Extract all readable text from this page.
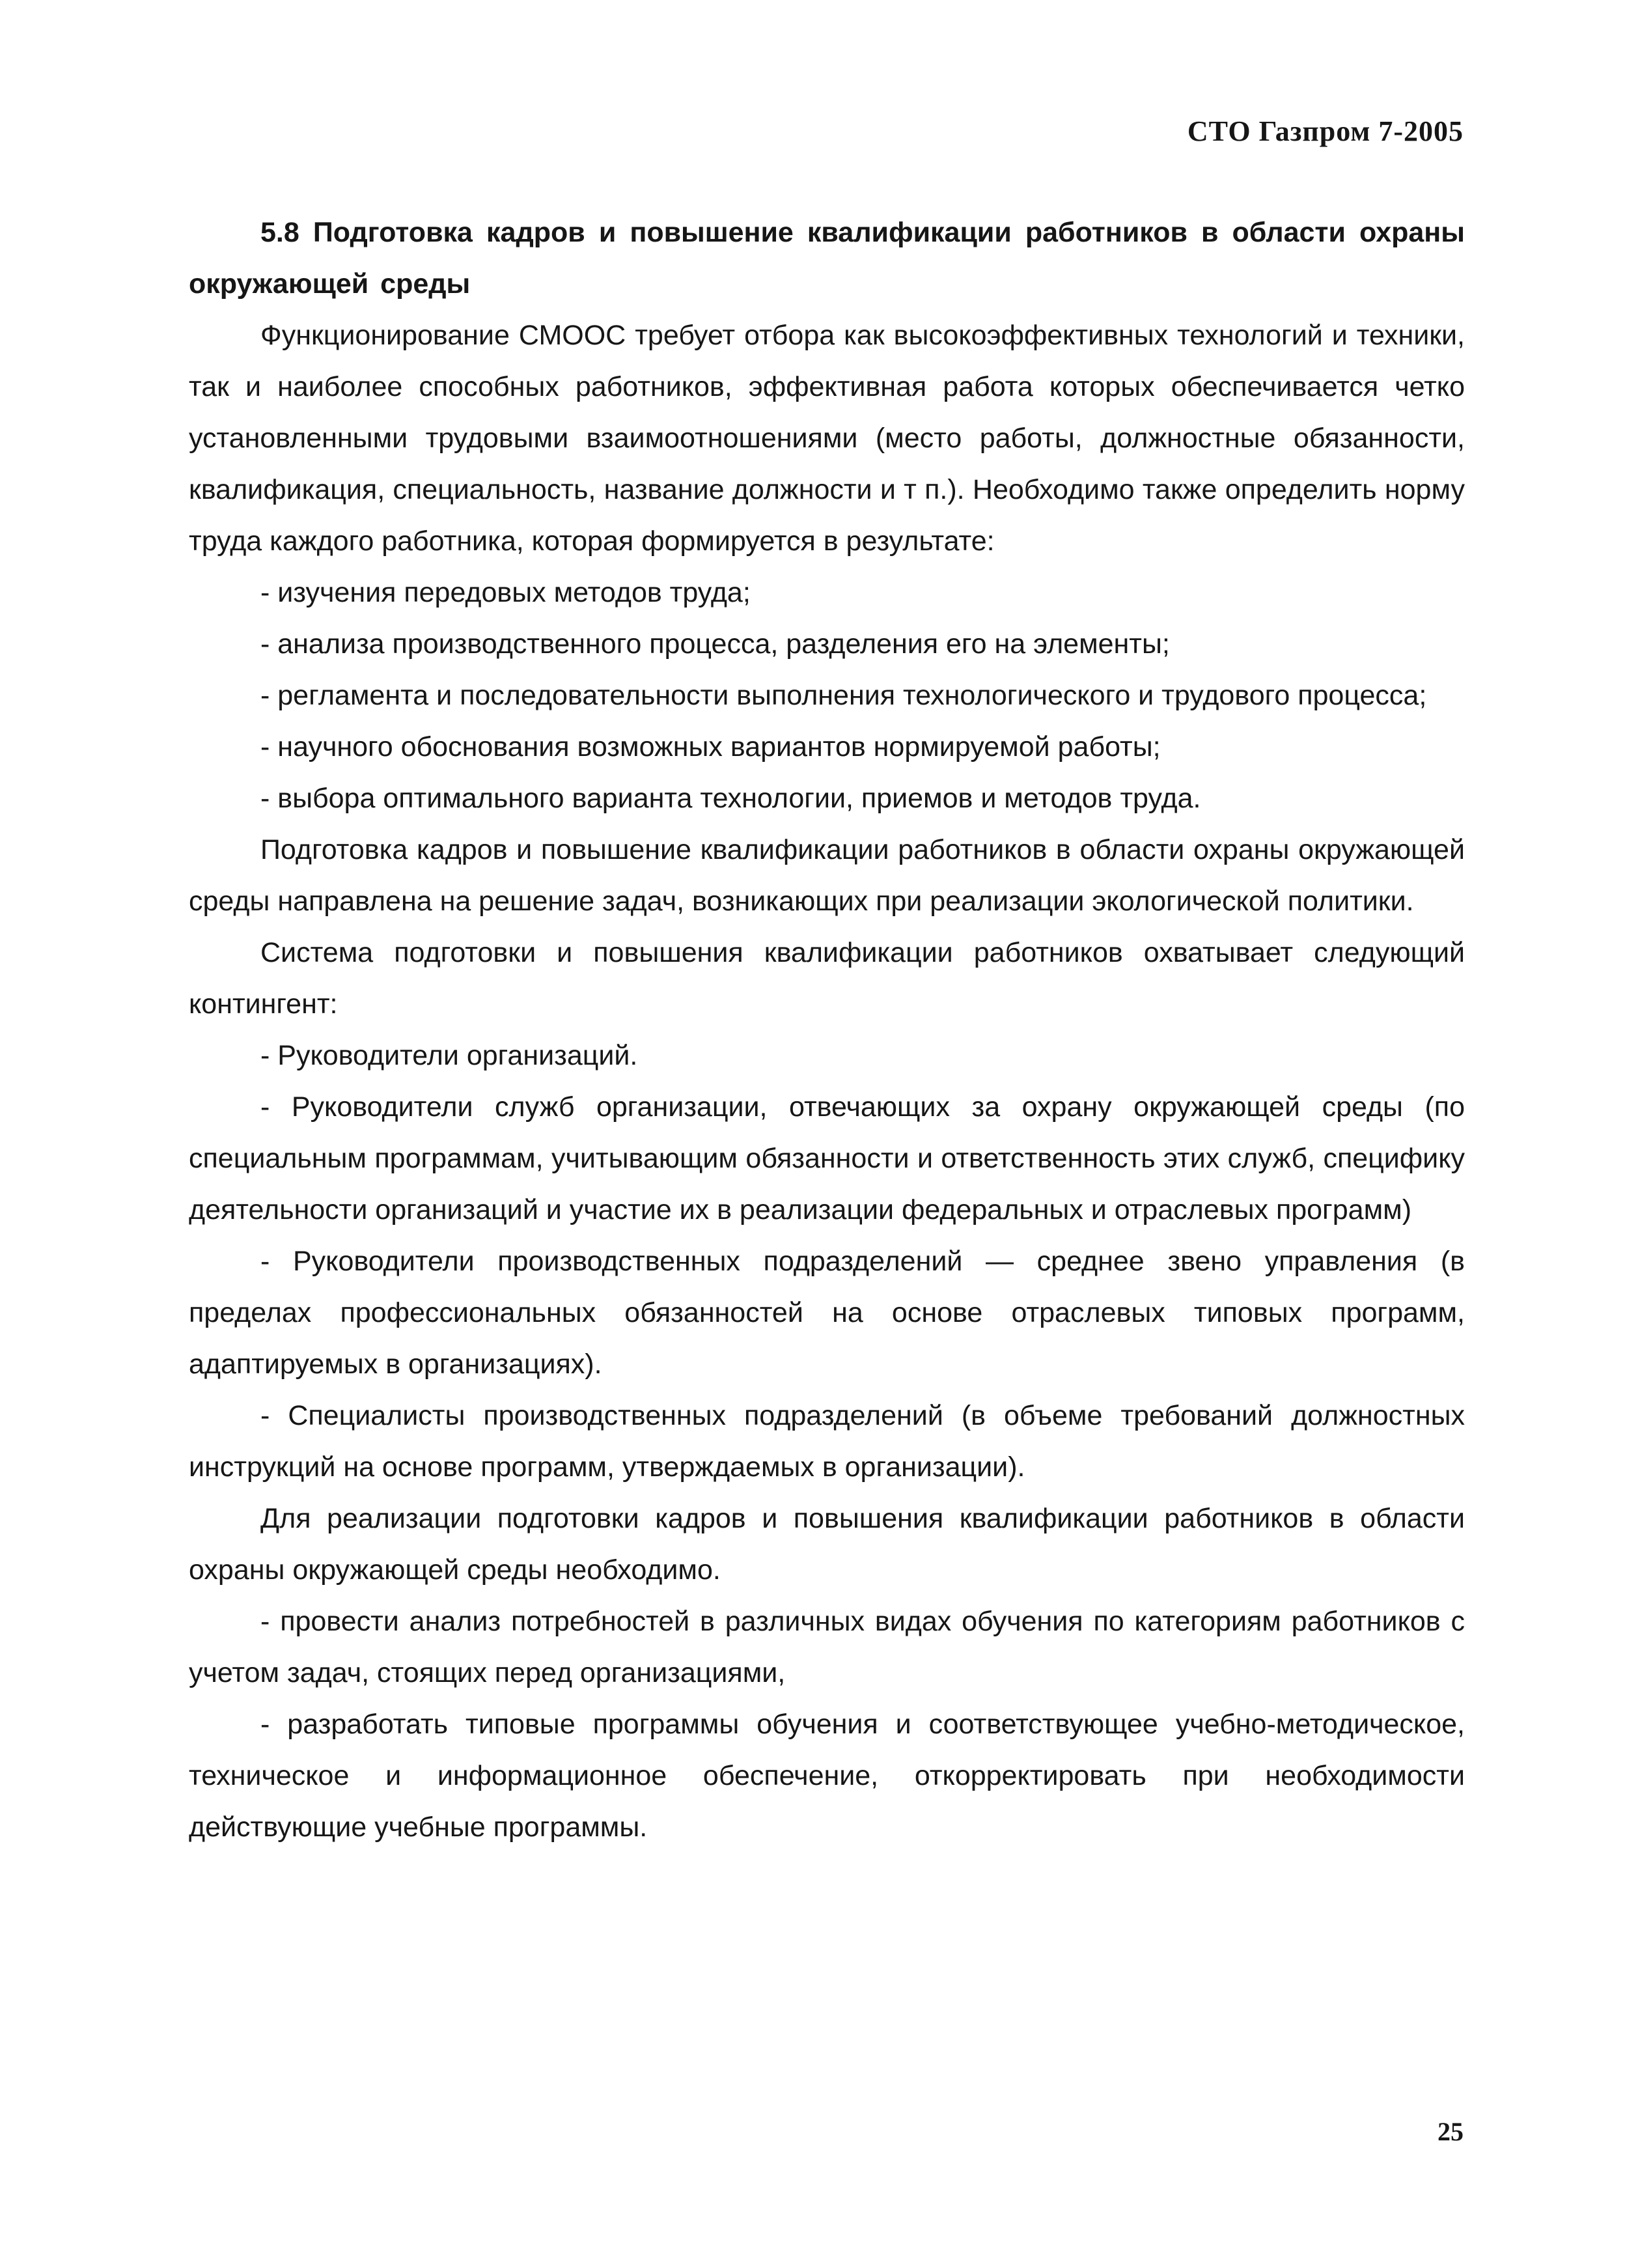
СТО Газпром 7-2005

5.8 Подготовка кадров и повышение квалификации работников в области охраны окружающей среды

Функционирование СМООС требует отбора как высокоэффективных технологий и техники, так и наиболее способных работников, эффективная работа которых обеспечивается четко установленными трудовыми взаимоотношениями (место работы, должностные обязанности, квалификация, специальность, название должности и т п.). Необходимо также определить норму труда каждого работника, которая формируется в результате:

- изучения передовых методов труда;

- анализа производственного процесса, разделения его на элементы;

- регламента и последовательности выполнения технологического и трудового процесса;

- научного обоснования возможных вариантов нормируемой работы;

- выбора оптимального варианта технологии, приемов и методов труда.

Подготовка кадров и повышение квалификации работников в области охраны окружающей среды направлена на решение задач, возникающих при реализации экологической политики.

Система подготовки и повышения квалификации работников охватывает следующий контингент:

- Руководители организаций.

- Руководители служб организации, отвечающих за охрану окружающей среды (по специальным программам, учитывающим обязанности и ответственность этих служб, специфику деятельности организаций и участие их в реализации федеральных и отраслевых программ)

- Руководители производственных подразделений — среднее звено управления (в пределах профессиональных обязанностей на основе отраслевых типовых программ, адаптируемых в организациях).

- Специалисты производственных подразделений (в объеме требований должностных инструкций на основе программ, утверждаемых в организации).

Для реализации подготовки кадров и повышения квалификации работников в области охраны окружающей среды необходимо.

- провести анализ потребностей в различных видах обучения по категориям работников с учетом задач, стоящих перед организациями,

- разработать типовые программы обучения и соответствующее учебно-методическое, техническое и информационное обеспечение, откорректировать при необходимости действующие учебные программы.

25
